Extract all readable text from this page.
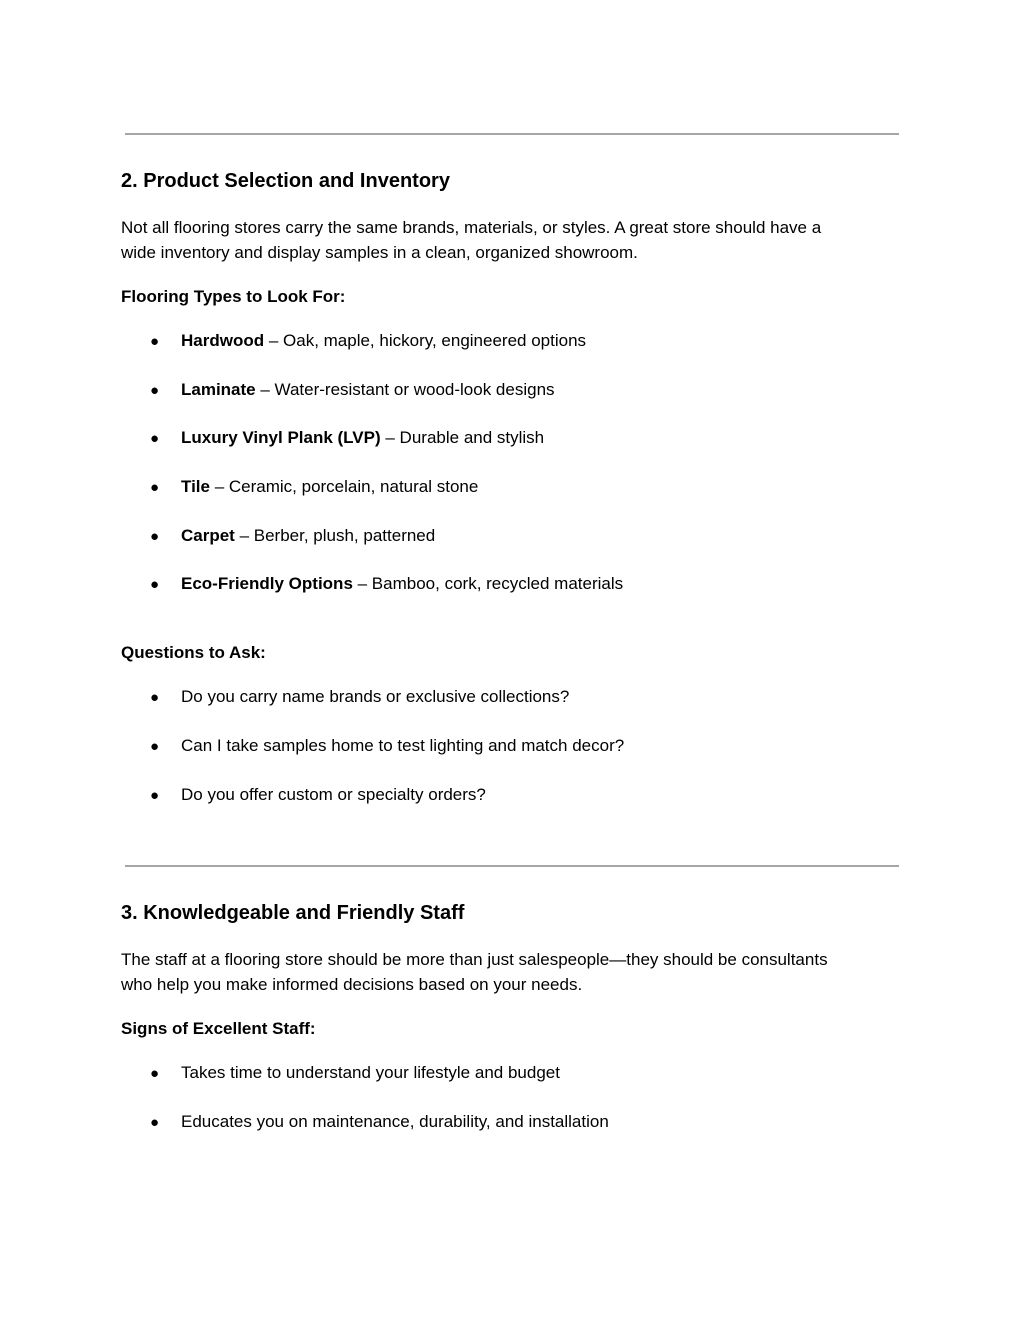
2. Product Selection and Inventory

Not all flooring stores carry the same brands, materials, or styles. A great store should have a
wide inventory and display samples in a clean, organized showroom.

Flooring Types to Look For:

● Hardwood – Oak, maple, hickory, engineered options
● Laminate – Water-resistant or wood-look designs
● Luxury Vinyl Plank (LVP) – Durable and stylish
● Tile – Ceramic, porcelain, natural stone
● Carpet – Berber, plush, patterned
● Eco-Friendly Options – Bamboo, cork, recycled materials

Questions to Ask:

● Do you carry name brands or exclusive collections?
● Can I take samples home to test lighting and match decor?
● Do you offer custom or specialty orders?
3. Knowledgeable and Friendly Staff

The staff at a flooring store should be more than just salespeople—they should be consultants
who help you make informed decisions based on your needs.

Signs of Excellent Staff:

● Takes time to understand your lifestyle and budget
● Educates you on maintenance, durability, and installation
